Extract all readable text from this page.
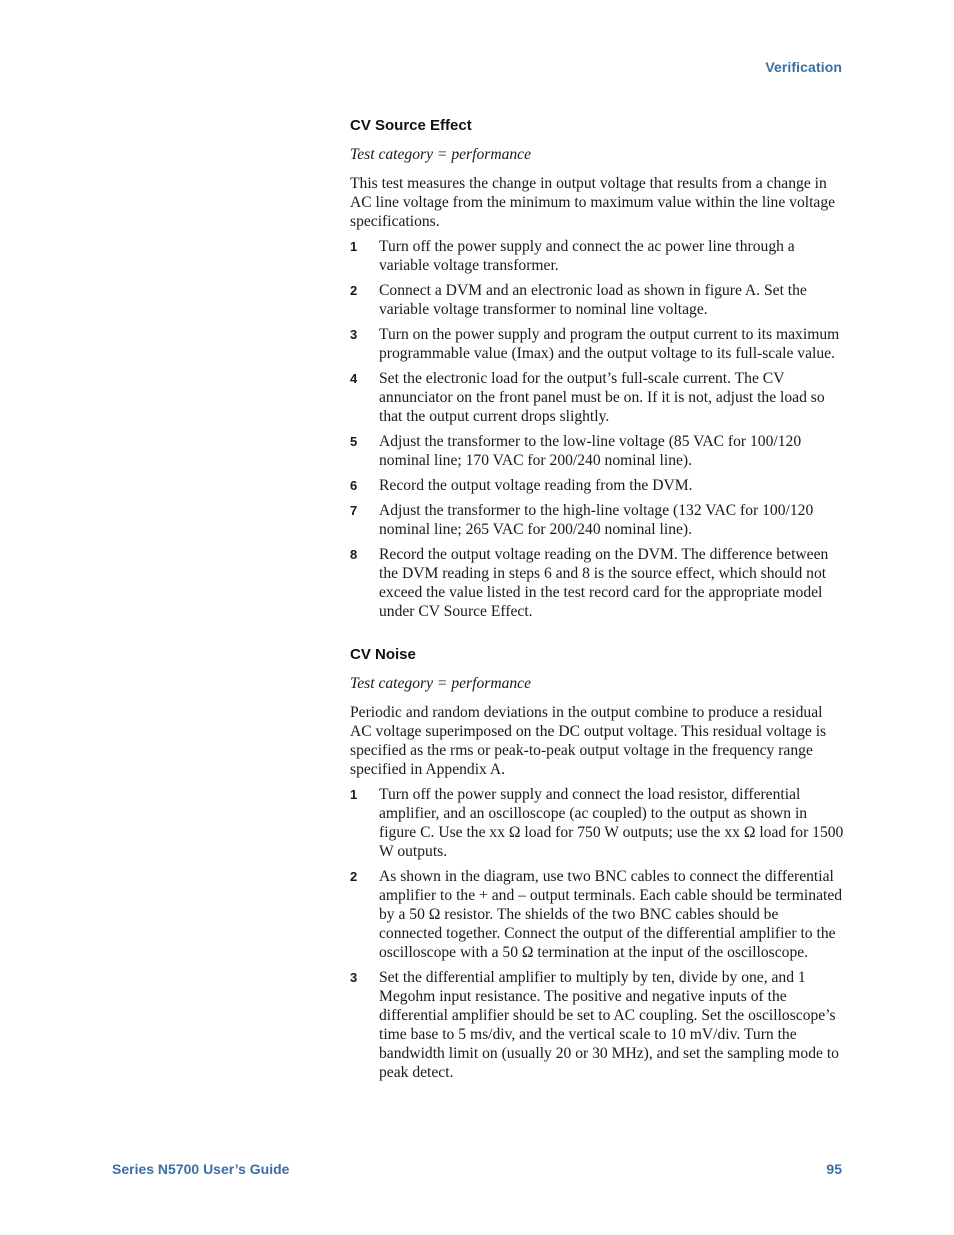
Verification
CV Source Effect

Test category = performance

This test measures the change in output voltage that results from a change in AC line voltage from the minimum to maximum value within the line voltage specifications.

1 Turn off the power supply and connect the ac power line through a variable voltage transformer.
2 Connect a DVM and an electronic load as shown in figure A. Set the variable voltage transformer to nominal line voltage.
3 Turn on the power supply and program the output current to its maximum programmable value (Imax) and the output voltage to its full-scale value.
4 Set the electronic load for the output’s full-scale current. The CV annunciator on the front panel must be on. If it is not, adjust the load so that the output current drops slightly.
5 Adjust the transformer to the low-line voltage (85 VAC for 100/120 nominal line; 170 VAC for 200/240 nominal line).
6 Record the output voltage reading from the DVM.
7 Adjust the transformer to the high-line voltage (132 VAC for 100/120 nominal line; 265 VAC for 200/240 nominal line).
8 Record the output voltage reading on the DVM. The difference between the DVM reading in steps 6 and 8 is the source effect, which should not exceed the value listed in the test record card for the appropriate model under CV Source Effect.
CV Noise

Test category = performance

Periodic and random deviations in the output combine to produce a residual AC voltage superimposed on the DC output voltage. This residual voltage is specified as the rms or peak-to-peak output voltage in the frequency range specified in Appendix A.

1 Turn off the power supply and connect the load resistor, differential amplifier, and an oscilloscope (ac coupled) to the output as shown in figure C. Use the xx Ω load for 750 W outputs; use the xx Ω load for 1500 W outputs.
2 As shown in the diagram, use two BNC cables to connect the differential amplifier to the + and – output terminals. Each cable should be terminated by a 50 Ω resistor. The shields of the two BNC cables should be connected together. Connect the output of the differential amplifier to the oscilloscope with a 50 Ω termination at the input of the oscilloscope.
3 Set the differential amplifier to multiply by ten, divide by one, and 1 Megohm input resistance. The positive and negative inputs of the differential amplifier should be set to AC coupling. Set the oscilloscope’s time base to 5 ms/div, and the vertical scale to 10 mV/div. Turn the bandwidth limit on (usually 20 or 30 MHz), and set the sampling mode to peak detect.
Series N5700 User’s Guide	95
